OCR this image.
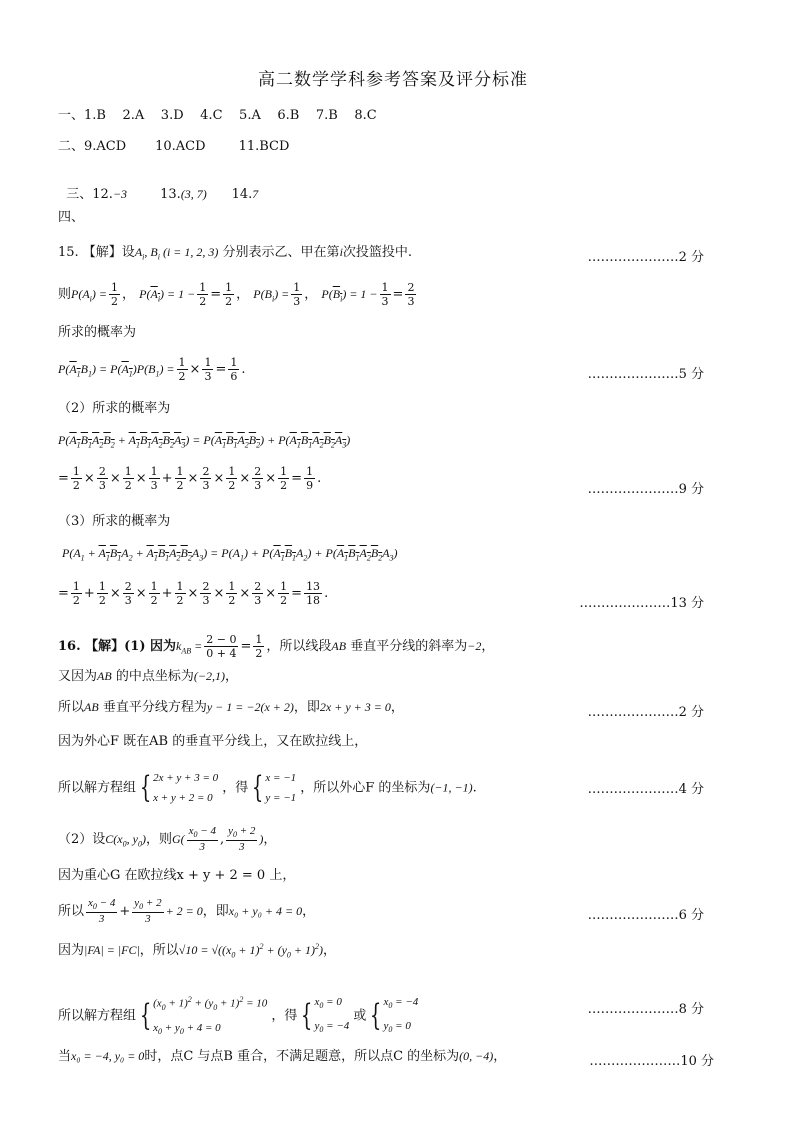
高二数学学科参考答案及评分标准
一、1.B    2.A    3.D    4.C    5.A    6.B    7.B    8.C
二、9.ACD       10.ACD        11.BCD

三、12.−3	13.(3, 7) 14.7

四、
15. 【解】设$A_i$, $B_i$ (i = 1, 2, 3) 分别表示乙、甲在第i次投篮投中.	…………………2 分
则$P(A_i) = \frac{1}{2}$ ， $P(A_i) = 1 - \frac{1}{2} = \frac{1}{2}$ ， $P(B_i) = \frac{1}{3}$ ， $P(B_i) = 1 - \frac{1}{3} = \frac{2}{3}$
所求的概率为
$P(A_1B_1) = P(A_1)P(B_1) = \frac{1}{2} \times \frac{1}{3} = \frac{1}{6}$ .	…………………5 分
（2）所求的概率为
$P(A_1B_1A_2B_2 + A_1B_1A_2B_2A_3) = P(A_1B_1A_2B_2) + P(A_1B_1A_2B_2A_3)$
= $\frac{1}{2} \times \frac{2}{3} \times \frac{1}{2} \times \frac{1}{3} + \frac{1}{2} \times \frac{2}{3} \times \frac{1}{2} \times \frac{2}{3} \times \frac{1}{2} = \frac{1}{9}$ .
…………………9 分
（3）所求的概率为
$P(A_1 + A_1B_1A_2 + A_1B_1A_2B_2A_3) = P(A_1) + P(A_1B_1A_2) + P(A_1B_1A_2B_2A_3)$
= $\frac{1}{2} + \frac{1}{2} \times \frac{2}{3} \times \frac{1}{2} + \frac{1}{2} \times \frac{2}{3} \times \frac{1}{2} \times \frac{2}{3} \times \frac{1}{2} = \frac{13}{18}$ .
…………………13 分
16. 【解】(1) 因为$k_{AB} = \frac{2 - 0}{0 + 4} = \frac{1}{2}$ ，所以线段AB 垂直平分线的斜率为−2，
又因为AB 的中点坐标为(−2,1)，
所以AB 垂直平分线方程为y − 1 = −2(x + 2)，即2x + y + 3 = 0，	…………………2 分
因为外心F 既在AB 的垂直平分线上，又在欧拉线上，
所以解方程组 { 2x + y + 3 = 0
x + y + 2 = 0
，得 { x = −1
y = −1
，所以外心F 的坐标为(−1, −1).	…………………4 分
（2）设$C(x_0$, $y_0$)，则$G( \frac{x_0 - 4}{3}$ , $\frac{y_0 + 2}{3}$ )，
因为重心G 在欧拉线x + y + 2 = 0 上，
所以 $\frac{x_0 - 4}{3} + \frac{y_0 + 2}{3} + 2 = 0$，即x₀ + y₀ + 4 = 0，	…………………6 分
因为|FA| = |FC|，所以$√10 = √((x_0 + 1)^2 + (y_0 + 1)^2)$，
所以解方程组 { $(x_0 + 1)^2 + (y_0 + 1)^2 = 10$
$x_0 + y_0 + 4 = 0$
，得 { $x_0 = 0$
$y_0 = -4$
或 { $x_0 = -4$
$y_0 = 0$
…………………8 分
当x₀ = −4, y₀ = 0时，点C 与点B 重合，不满足题意，所以点C 的坐标为(0, −4)，	…………………10 分
